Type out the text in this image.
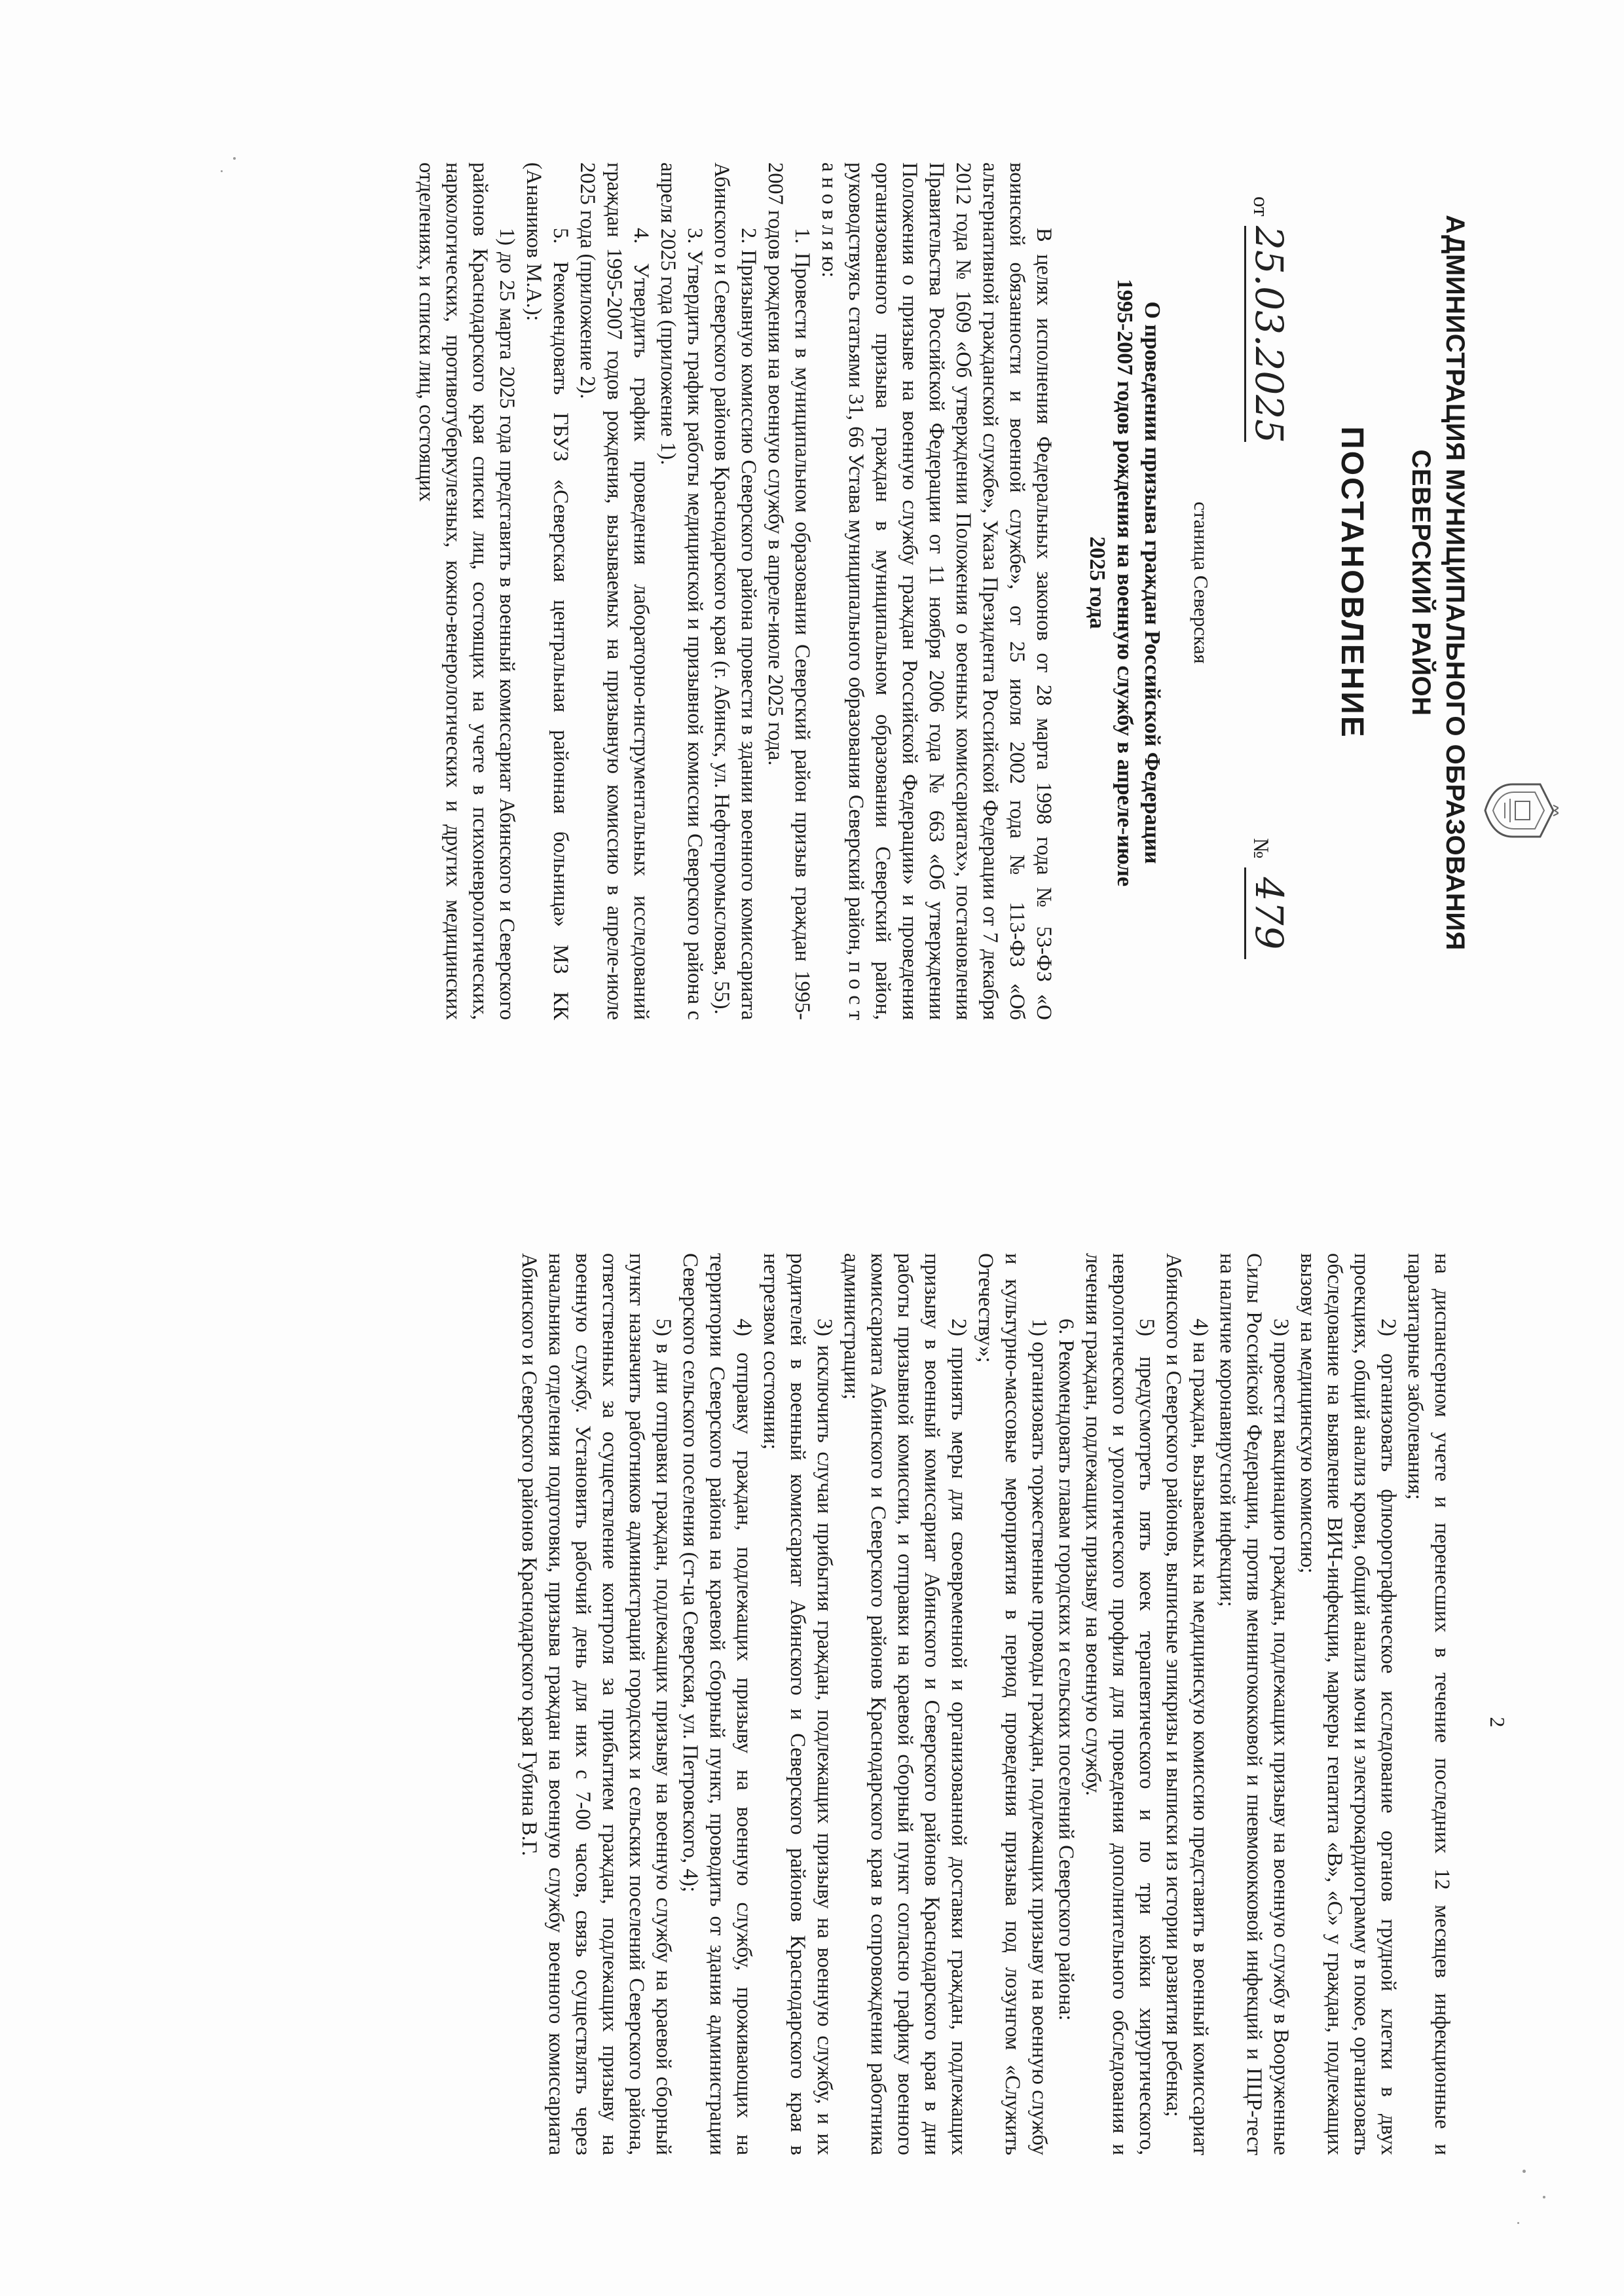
АДМИНИСТРАЦИЯ МУНИЦИПАЛЬНОГО ОБРАЗОВАНИЯ
СЕВЕРСКИЙ РАЙОН
ПОСТАНОВЛЕНИЕ
от
25.03.2025
№
479
станица Северская
О проведении призыва граждан Российской Федерации
1995-2007 годов рождения на военную службу в апреле-июле
2025 года

В целях исполнения Федеральных законов от 28 марта 1998 года № 53-ФЗ «О воинской обязанности и военной службе», от 25 июля 2002 года № 113-ФЗ «Об альтернативной гражданской службе», Указа Президента Российской Федерации от 7 декабря 2012 года № 1609 «Об утверждении Положения о военных комиссариатах», постановления Правительства Российской Федерации от 11 ноября 2006 года № 663 «Об утверждении Положения о призыве на военную службу граждан Российской Федерации» и проведения организованного призыва граждан в муниципальном образовании Северский район, руководствуясь статьями 31, 66 Устава муниципального образования Северский район, п о с т а н о в л я ю:

1. Провести в муниципальном образовании Северский район призыв граждан 1995-2007 годов рождения на военную службу в апреле-июле 2025 года.

2. Призывную комиссию Северского района провести в здании военного комиссариата Абинского и Северского районов Краснодарского края (г. Абинск, ул. Нефтепромысловая, 55).

3. Утвердить график работы медицинской и призывной комиссии Северского района с апреля 2025 года (приложение 1).

4. Утвердить график проведения лабораторно-инструментальных исследований граждан 1995-2007 годов рождения, вызываемых на призывную комиссию в апреле-июле 2025 года (приложение 2).

5. Рекомендовать ГБУЗ «Северская центральная районная больница» МЗ КК (Анаников М.А.):

1) до 25 марта 2025 года представить в военный комиссариат Абинского и Северского районов Краснодарского края списки лиц, состоящих на учете в психоневрологических, наркологических, противотуберкулезных, кожно-венерологических и других медицинских отделениях, и списки лиц, состоящих

2

на диспансерном учете и перенесших в течение последних 12 месяцев инфекционные и паразитарные заболевания;

2) организовать флюорографическое исследование органов грудной клетки в двух проекциях, общий анализ крови, общий анализ мочи и электрокардиограмму в покое, организовать обследование на выявление ВИЧ-инфекции, маркеры гепатита «В», «С» у граждан, подлежащих вызову на медицинскую комиссию;

3) провести вакцинацию граждан, подлежащих призыву на военную службу в Вооруженные Силы Российской Федерации, против менингококковой и пневмококковой инфекций и ПЦР-тест на наличие коронавирусной инфекции;

4) на граждан, вызываемых на медицинскую комиссию представить в военный комиссариат Абинского и Северского районов, выписные эпикризы и выписки из истории развития ребенка;

5) предусмотреть пять коек терапевтического и по три койки хирургического, неврологического и урологического профиля для проведения дополнительного обследования и лечения граждан, подлежащих призыву на военную службу.

6. Рекомендовать главам городских и сельских поселений Северского района:

1) организовать торжественные проводы граждан, подлежащих призыву на военную службу и культурно-массовые мероприятия в период проведения призыва под лозунгом «Служить Отечеству»;

2) принять меры для своевременной и организованной доставки граждан, подлежащих призыву в военный комиссариат Абинского и Северского районов Краснодарского края в дни работы призывной комиссии, и отправки на краевой сборный пункт согласно графику военного комиссариата Абинского и Северского районов Краснодарского края в сопровождении работника администрации;

3) исключить случаи прибытия граждан, подлежащих призыву на военную службу, и их родителей в военный комиссариат Абинского и Северского районов Краснодарского края в нетрезвом состоянии;

4) отправку граждан, подлежащих призыву на военную службу, проживающих на территории Северского района на краевой сборный пункт, проводить от здания администрации Северского сельского поселения (ст-ца Северская, ул. Петровского, 4);

5) в дни отправки граждан, подлежащих призыву на военную службу на краевой сборный пункт назначить работников администраций городских и сельских поселений Северского района, ответственных за осуществление контроля за прибытием граждан, подлежащих призыву на военную службу. Установить рабочий день для них с 7-00 часов, связь осуществлять через начальника отделения подготовки, призыва граждан на военную службу военного комиссариата Абинского и Северского районов Краснодарского края Губина В.Г.
